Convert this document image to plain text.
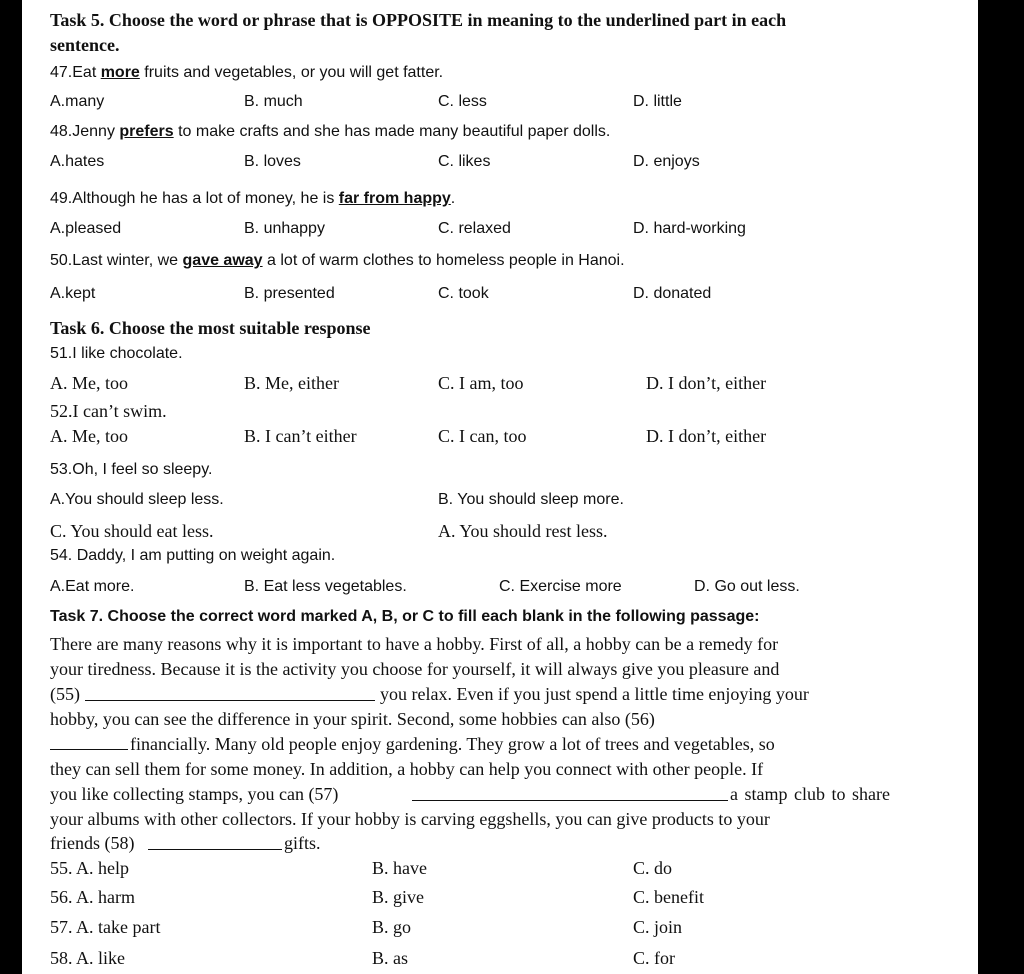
Task 5. Choose the word or phrase that is OPPOSITE in meaning to the underlined part in each
sentence.
47.Eat more fruits and vegetables, or you will get fatter.
A.many	B. much	C. less	D. little
48.Jenny prefers to make crafts and she has made many beautiful paper dolls.
A.hates	B. loves	C. likes	D. enjoys
49.Although he has a lot of money, he is far from happy.
A.pleased	B. unhappy	C. relaxed	D. hard-working
50.Last winter, we gave away a lot of warm clothes to homeless people in Hanoi.
A.kept	B. presented	C. took	D. donated
Task 6. Choose the most suitable response
51.I like chocolate.
A. Me, too	B. Me, either	C. I am, too	D. I don’t, either
52.I can’t swim.
A. Me, too	B. I can’t either	C. I can, too	D. I don’t, either
53.Oh, I feel so sleepy.
A.You should sleep less.	B. You should sleep more.
C. You should eat less.	A. You should rest less.
54. Daddy, I am putting on weight again.
A.Eat more.	B. Eat less vegetables.	C. Exercise more	D. Go out less.
Task 7. Choose the correct word marked A, B, or C to fill each blank in the following passage:
There are many reasons why it is important to have a hobby. First of all, a hobby can be a remedy for
your tiredness. Because it is the activity you choose for yourself, it will always give you pleasure and
(55)	you relax. Even if you just spend a little time enjoying your
hobby, you can see the difference in your spirit. Second, some hobbies can also (56)
financially. Many old people enjoy gardening. They grow a lot of trees and vegetables, so
they can sell them for some money. In addition, a hobby can help you connect with other people. If
you like collecting stamps, you can (57)	a stamp club to share
your albums with other collectors. If your hobby is carving eggshells, you can give products to your
friends (58)	gifts.
55. A. help	B. have	C. do
56. A. harm	B. give	C. benefit
57. A. take part	B. go	C. join
58. A. like	B. as	C. for
